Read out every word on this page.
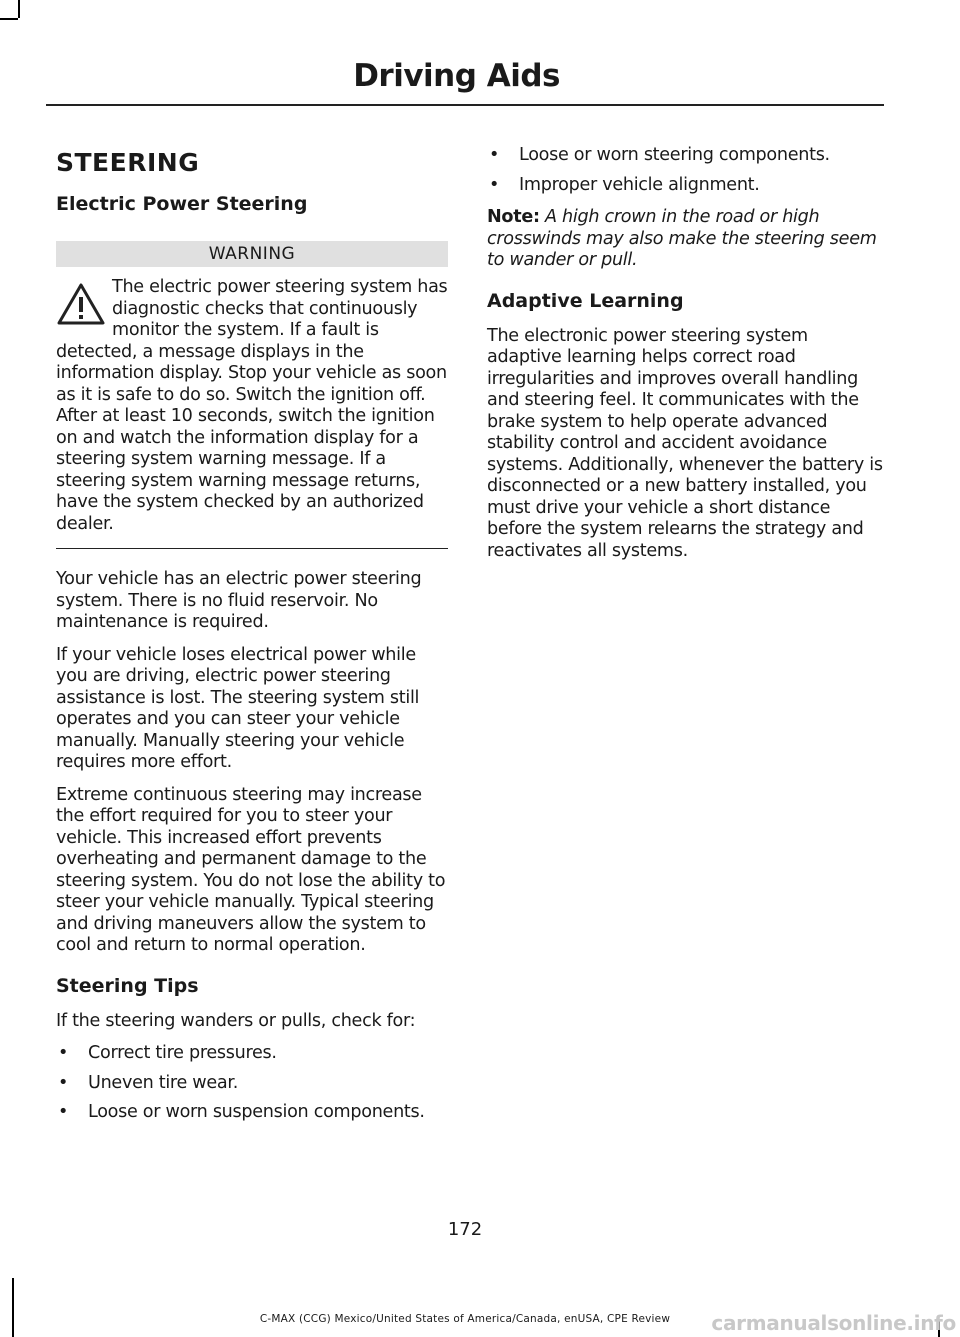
Driving Aids
STEERING
Electric Power Steering
WARNING
The electric power steering system has diagnostic checks that continuously monitor the system. If a fault is detected, a message displays in the information display. Stop your vehicle as soon as it is safe to do so. Switch the ignition off. After at least 10 seconds, switch the ignition on and watch the information display for a steering system warning message. If a steering system warning message returns, have the system checked by an authorized dealer.

Your vehicle has an electric power steering system. There is no fluid reservoir. No maintenance is required.

If your vehicle loses electrical power while you are driving, electric power steering assistance is lost. The steering system still operates and you can steer your vehicle manually. Manually steering your vehicle requires more effort.

Extreme continuous steering may increase the effort required for you to steer your vehicle. This increased effort prevents overheating and permanent damage to the steering system. You do not lose the ability to steer your vehicle manually. Typical steering and driving maneuvers allow the system to cool and return to normal operation.

Steering Tips

If the steering wanders or pulls, check for:

• Correct tire pressures.
• Uneven tire wear.
• Loose or worn suspension components.
• Loose or worn steering components.
• Improper vehicle alignment.

Note: A high crown in the road or high crosswinds may also make the steering seem to wander or pull.

Adaptive Learning

The electronic power steering system adaptive learning helps correct road irregularities and improves overall handling and steering feel. It communicates with the brake system to help operate advanced stability control and accident avoidance systems. Additionally, whenever the battery is disconnected or a new battery installed, you must drive your vehicle a short distance before the system relearns the strategy and reactivates all systems.

172
C-MAX (CCG) Mexico/United States of America/Canada, enUSA, CPE Review	carmanualsonline.info
